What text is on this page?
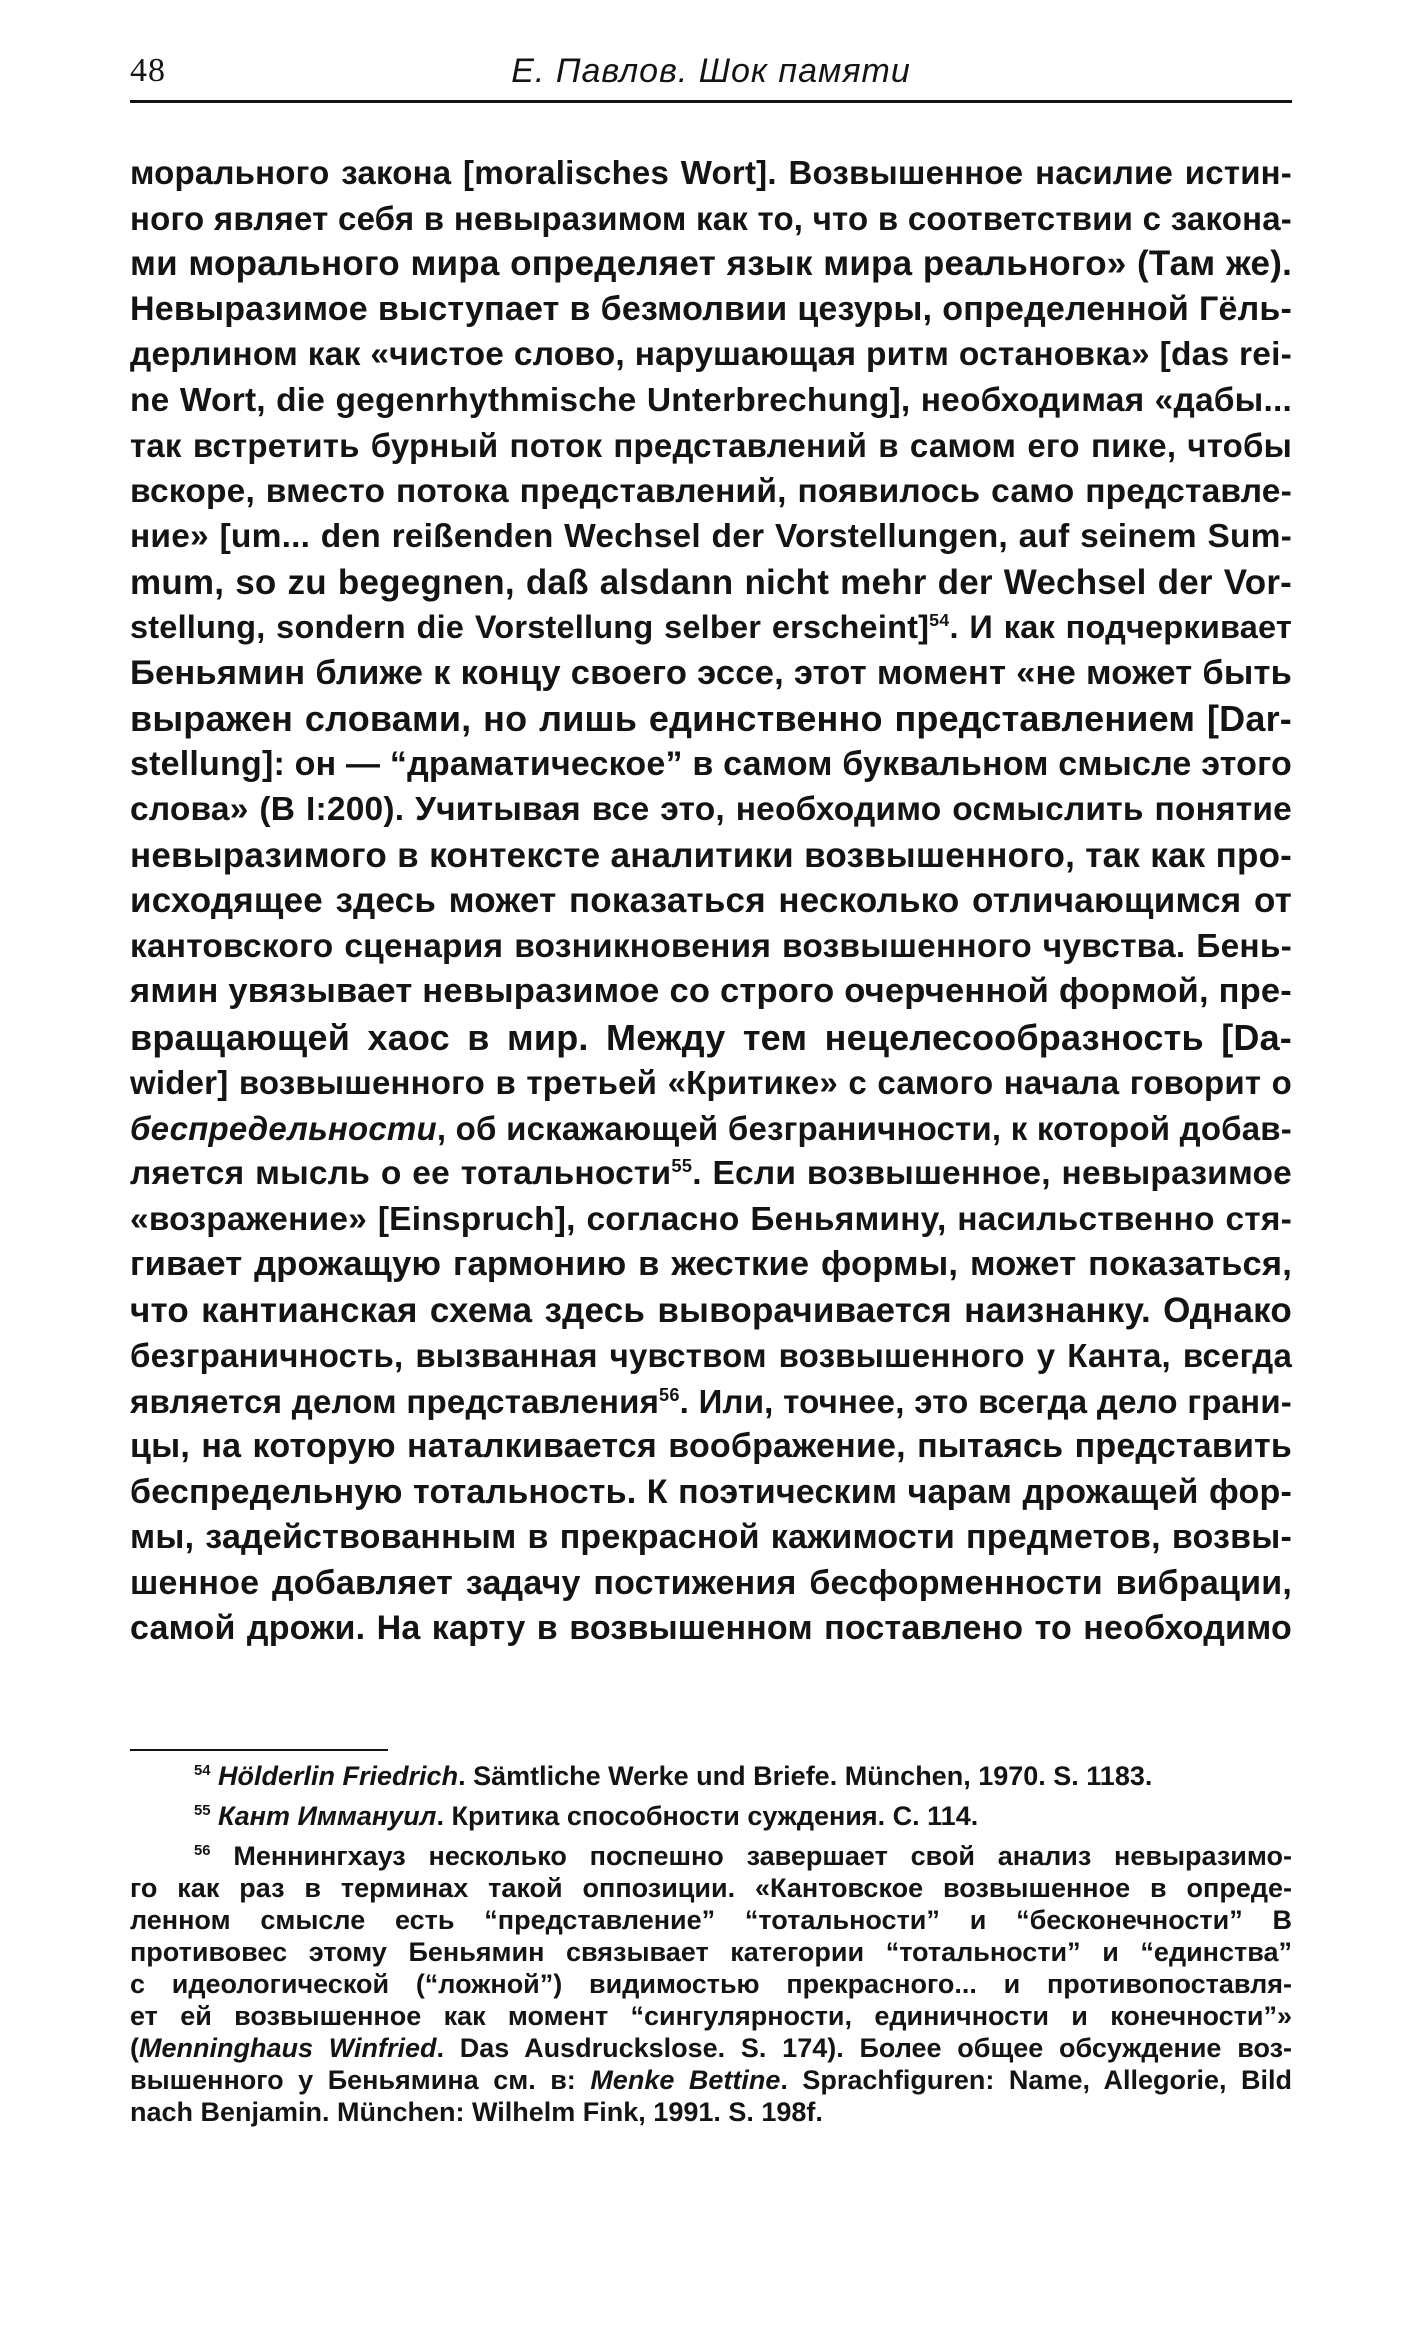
48	Е. Павлов. Шок памяти
морального закона [moralisches Wort]. Возвышенное насилие истин-
ного являет себя в невыразимом как то, что в соответствии с закона-
ми морального мира определяет язык мира реального» (Там же).
Невыразимое выступает в безмолвии цезуры, определенной Гёль-
дерлином как «чистое слово, нарушающая ритм остановка» [das rei-
ne Wort, die gegenrhythmische Unterbrechung], необходимая «дабы...
так встретить бурный поток представлений в самом его пике, чтобы
вскоре, вместо потока представлений, появилось само представле-
ние» [um... den reißenden Wechsel der Vorstellungen, auf seinem Sum-
mum, so zu begegnen, daß alsdann nicht mehr der Wechsel der Vor-
stellung, sondern die Vorstellung selber erscheint]$^{54}$. И как подчеркивает
Беньямин ближе к концу своего эссе, этот момент «не может быть
выражен словами, но лишь единственно представлением [Dar-
stellung]: он — “драматическое” в самом буквальном смысле этого
слова» (B I:200). Учитывая все это, необходимо осмыслить понятие
невыразимого в контексте аналитики возвышенного, так как про-
исходящее здесь может показаться несколько отличающимся от
кантовского сценария возникновения возвышенного чувства. Бень-
ямин увязывает невыразимое со строго очерченной формой, пре-
вращающей хаос в мир. Между тем нецелесообразность [Da-
wider] возвышенного в третьей «Критике» с самого начала говорит о
беспредельности, об искажающей безграничности, к которой добав-
ляется мысль о ее тотальности$^{55}$. Если возвышенное, невыразимое
«возражение» [Einspruch], согласно Беньямину, насильственно стя-
гивает дрожащую гармонию в жесткие формы, может показаться,
что кантианская схема здесь выворачивается наизнанку. Однако
безграничность, вызванная чувством возвышенного у Канта, всегда
является делом представления$^{56}$. Или, точнее, это всегда дело грани-
цы, на которую наталкивается воображение, пытаясь представить
беспредельную тотальность. К поэтическим чарам дрожащей фор-
мы, задействованным в прекрасной кажимости предметов, возвы-
шенное добавляет задачу постижения бесформенности вибрации,
самой дрожи. На карту в возвышенном поставлено то необходимо
$^{54}$ Hölderlin Friedrich. Sämtliche Werke und Briefe. München, 1970. S. 1183.
$^{55}$ Кант Иммануил. Критика способности суждения. С. 114.
$^{56}$ Меннингхауз несколько поспешно завершает свой анализ невыразимо-
го как раз в терминах такой оппозиции. «Кантовское возвышенное в опреде-
ленном смысле есть “представление” “тотальности” и “бесконечности” В
противовес этому Беньямин связывает категории “тотальности” и “единства”
с идеологической (“ложной”) видимостью прекрасного... и противопоставля-
ет ей возвышенное как момент “сингулярности, единичности и конечности”»
(Menninghaus Winfried. Das Ausdruckslose. S. 174). Более общее обсуждение воз-
вышенного у Беньямина см. в: Menke Bettine. Sprachfiguren: Name, Allegorie, Bild
nach Benjamin. München: Wilhelm Fink, 1991. S. 198f.
